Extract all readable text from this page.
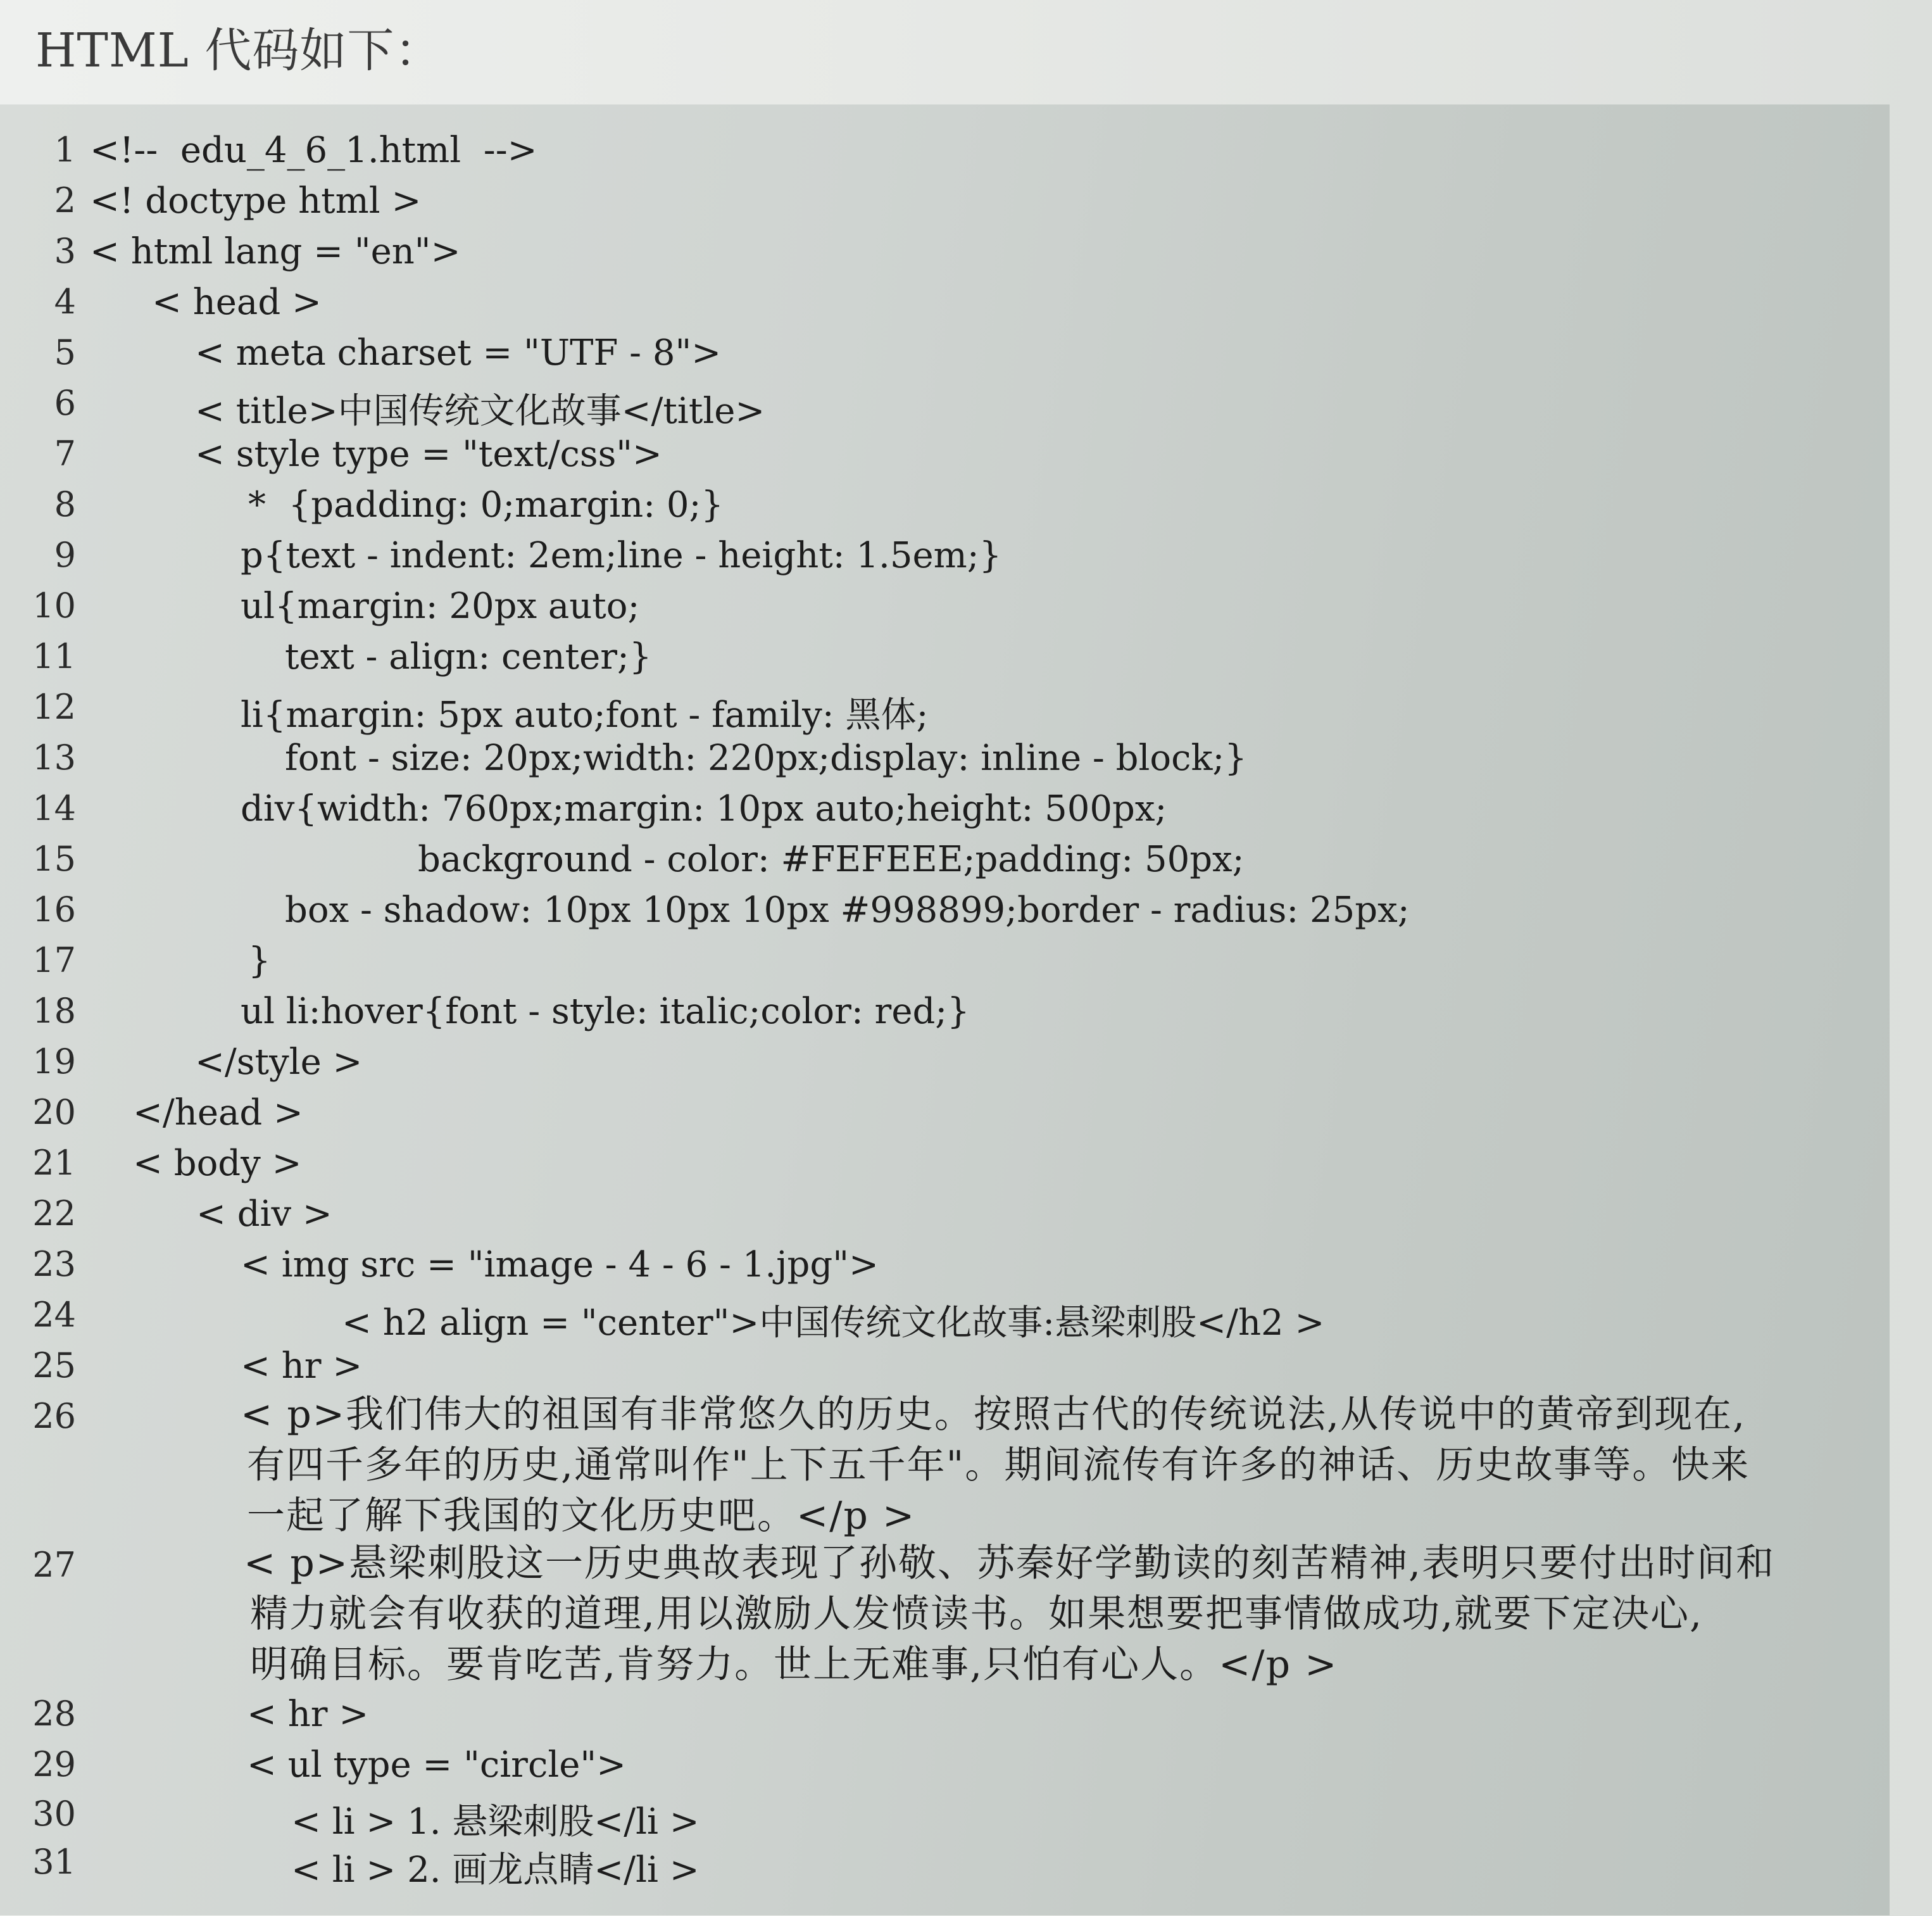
HTML 代码如下：
1 <!--  edu_4_6_1.html  -->
2 <! doctype html >
3 < html lang = "en">
4 < head >
5	< meta charset = "UTF - 8">
6	< title>中国传统文化故事</title>
7	< style type = "text/css">
8	*  {padding: 0;margin: 0;}
9	p{text - indent: 2em;line - height: 1.5em;}
10	ul{margin: 20px auto;
11	text - align: center;}
12	li{margin: 5px auto;font - family: 黑体;
13	font - size: 20px;width: 220px;display: inline - block;}
14	div{width: 760px;margin: 10px auto;height: 500px;
15	background - color: #FEFEEE;padding: 50px;
16	box - shadow: 10px 10px 10px #998899;border - radius: 25px;
17	}
18	ul li:hover{font - style: italic;color: red;}
19	</style >
20 </head >
21 < body >
22	< div >
23	< img src = "image - 4 - 6 - 1.jpg">
24	< h2 align = "center">中国传统文化故事:悬梁刺股</h2 >
25	< hr >
26	< p>我们伟大的祖国有非常悠久的历史。按照古代的传统说法,从传说中的黄帝到现在,
有四千多年的历史,通常叫作"上下五千年"。期间流传有许多的神话、历史故事等。快来
一起了解下我国的文化历史吧。</p >
27	< p>悬梁刺股这一历史典故表现了孙敬、苏秦好学勤读的刻苦精神,表明只要付出时间和
精力就会有收获的道理,用以激励人发愤读书。如果想要把事情做成功,就要下定决心,
明确目标。要肯吃苦,肯努力。世上无难事,只怕有心人。</p >
28	< hr >
29	< ul type = "circle">
30	< li > 1. 悬梁刺股</li >
31	< li > 2. 画龙点睛</li >
